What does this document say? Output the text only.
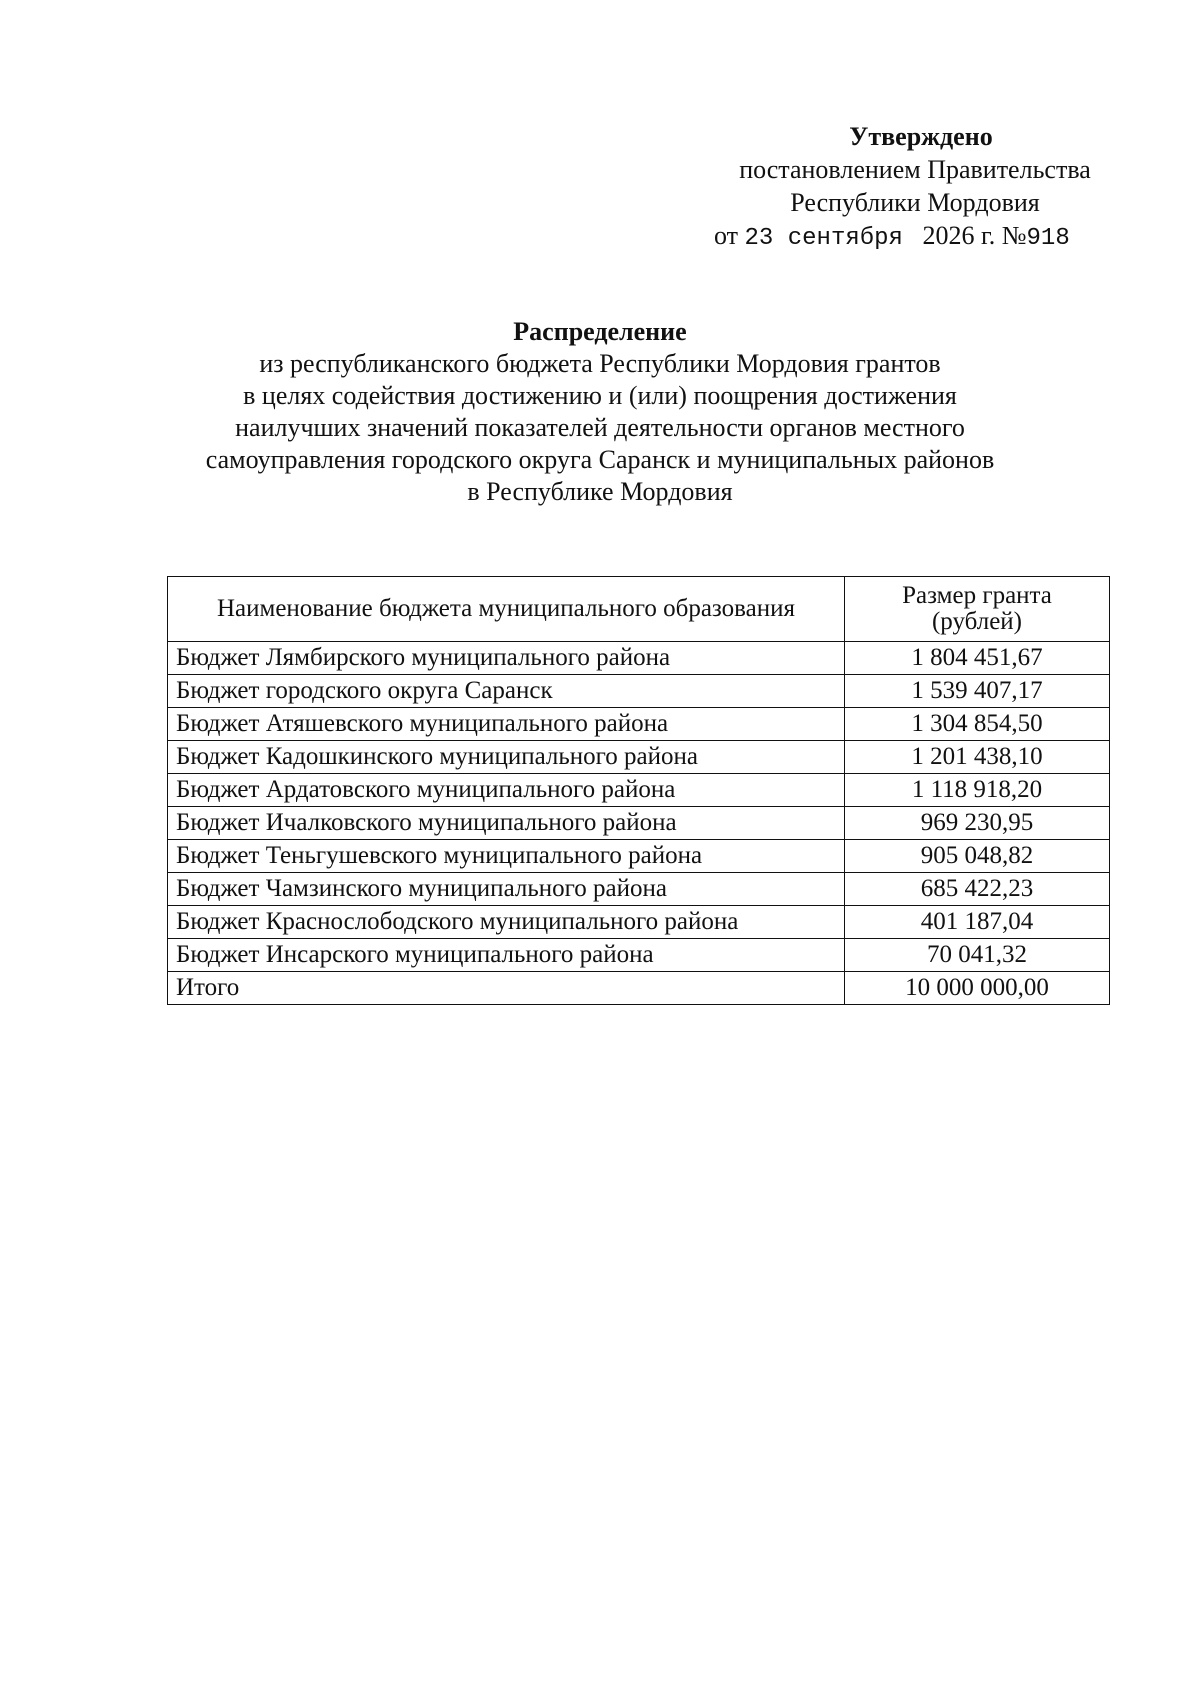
Утверждено
постановлением Правительства
Республики Мордовия
от 23 сентября 2026 г. №918
Распределение
из республиканского бюджета Республики Мордовия грантов
в целях содействия достижению и (или) поощрения достижения
наилучших значений показателей деятельности органов местного
самоуправления городского округа Саранск и муниципальных районов
в Республике Мордовия
Наименование бюджета муниципального образования	Размер гранта
(рублей)
Бюджет Лямбирского муниципального района	1 804 451,67
Бюджет городского округа Саранск	1 539 407,17
Бюджет Атяшевского муниципального района	1 304 854,50
Бюджет Кадошкинского муниципального района	1 201 438,10
Бюджет Ардатовского муниципального района	1 118 918,20
Бюджет Ичалковского муниципального района	969 230,95
Бюджет Теньгушевского муниципального района	905 048,82
Бюджет Чамзинского муниципального района	685 422,23
Бюджет Краснослободского муниципального района	401 187,04
Бюджет Инсарского муниципального района	70 041,32
Итого	10 000 000,00
